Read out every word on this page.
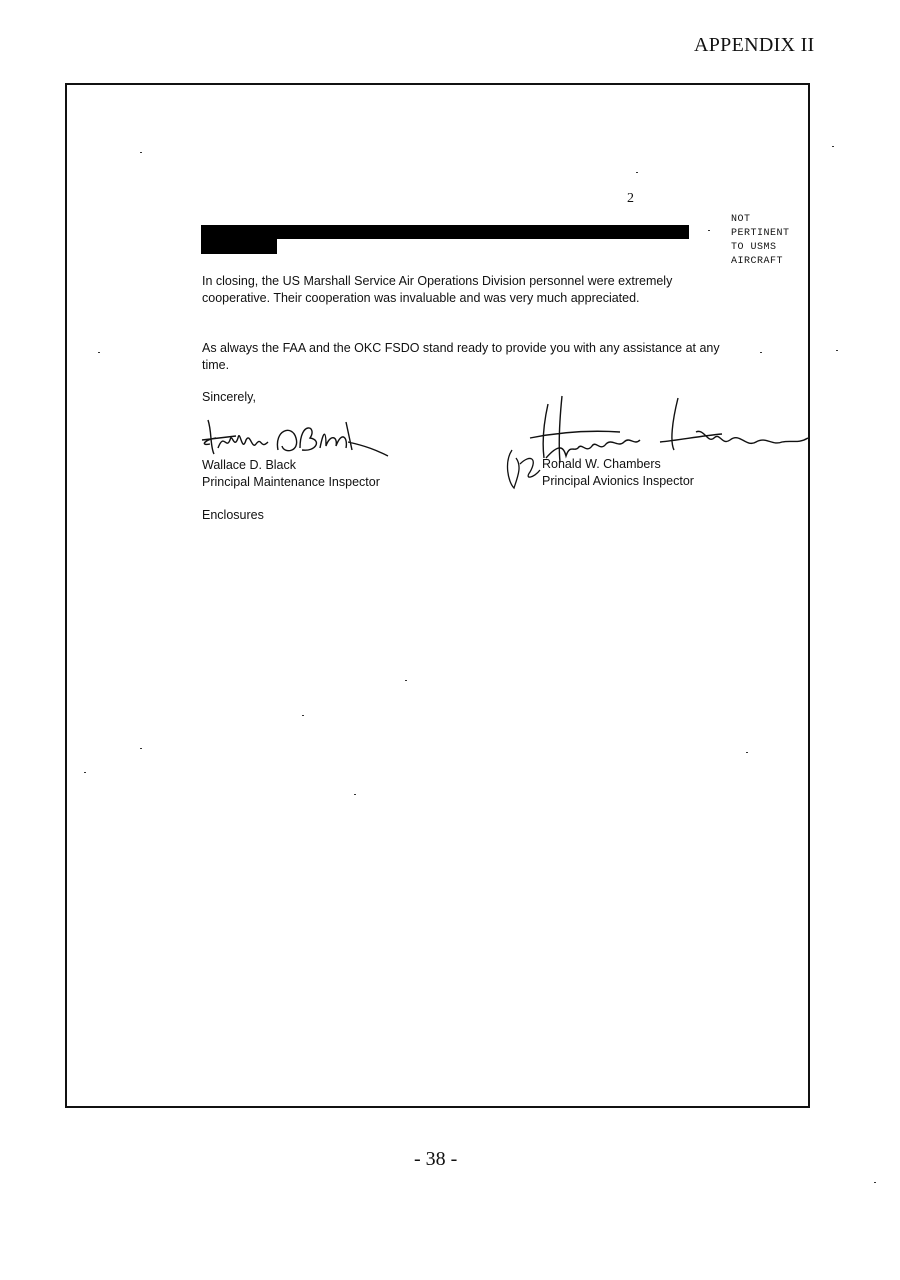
APPENDIX II
2
NOT
PERTINENT
TO USMS
AIRCRAFT
In closing, the US Marshall Service Air Operations Division personnel were extremely cooperative. Their cooperation was invaluable and was very much appreciated.
As always the FAA and the OKC FSDO stand ready to provide you with any assistance at any time.
Sincerely,
Wallace D. Black
Principal Maintenance Inspector
Ronald W. Chambers
Principal Avionics Inspector
Enclosures
- 38 -
